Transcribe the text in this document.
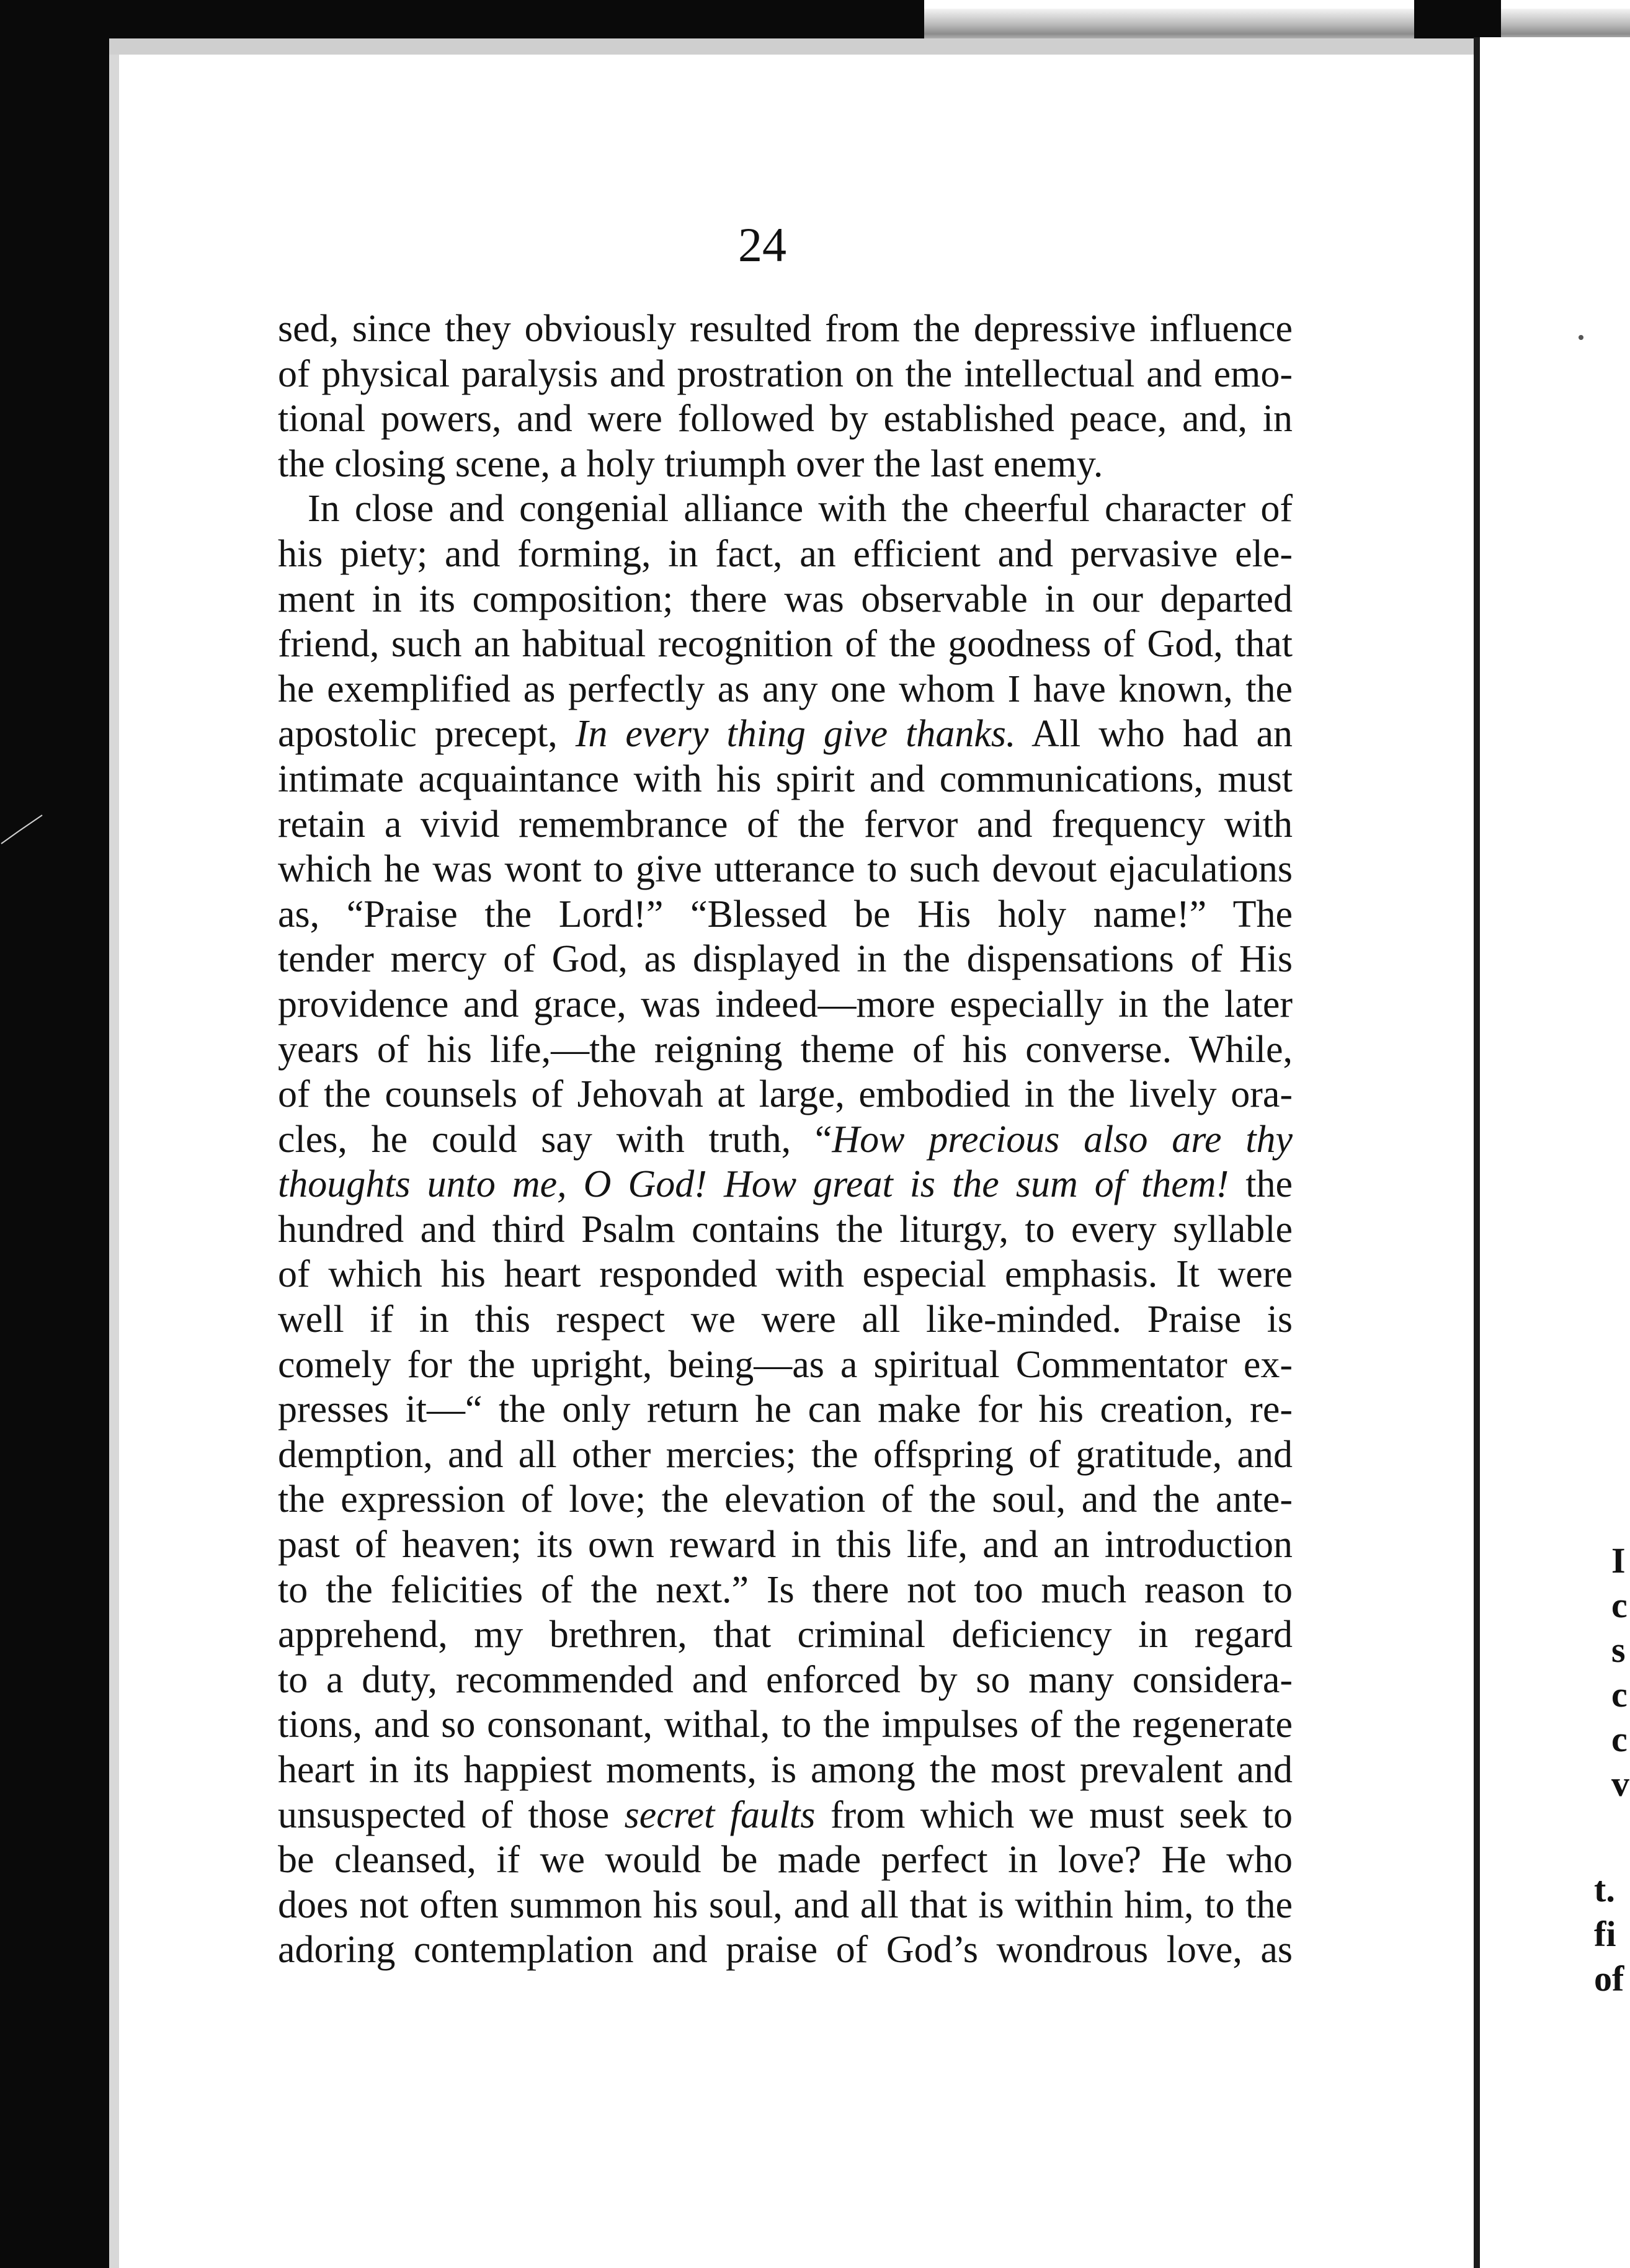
24
sed, since they obviously resulted from the depressive influence
of physical paralysis and prostration on the intellectual and emo-
tional powers, and were followed by established peace, and, in
the closing scene, a holy triumph over the last enemy.
In close and congenial alliance with the cheerful character of
his piety; and forming, in fact, an efficient and pervasive ele-
ment in its composition; there was observable in our departed
friend, such an habitual recognition of the goodness of God, that
he exemplified as perfectly as any one whom I have known, the
apostolic precept, In every thing give thanks. All who had an
intimate acquaintance with his spirit and communications, must
retain a vivid remembrance of the fervor and frequency with
which he was wont to give utterance to such devout ejaculations
as, “Praise the Lord!” “Blessed be His holy name!” The
tender mercy of God, as displayed in the dispensations of His
providence and grace, was indeed—more especially in the later
years of his life,—the reigning theme of his converse. While,
of the counsels of Jehovah at large, embodied in the lively ora-
cles, he could say with truth, “How precious also are thy
thoughts unto me, O God! How great is the sum of them! the
hundred and third Psalm contains the liturgy, to every syllable
of which his heart responded with especial emphasis. It were
well if in this respect we were all like-minded. Praise is
comely for the upright, being—as a spiritual Commentator ex-
presses it—“ the only return he can make for his creation, re-
demption, and all other mercies; the offspring of gratitude, and
the expression of love; the elevation of the soul, and the ante-
past of heaven; its own reward in this life, and an introduction
to the felicities of the next.” Is there not too much reason to
apprehend, my brethren, that criminal deficiency in regard
to a duty, recommended and enforced by so many considera-
tions, and so consonant, withal, to the impulses of the regenerate
heart in its happiest moments, is among the most prevalent and
unsuspected of those secret faults from which we must seek to
be cleansed, if we would be made perfect in love? He who
does not often summon his soul, and all that is within him, to the
adoring contemplation and praise of God’s wondrous love, as
I
c
s
c
c
v
t.
fi
of
